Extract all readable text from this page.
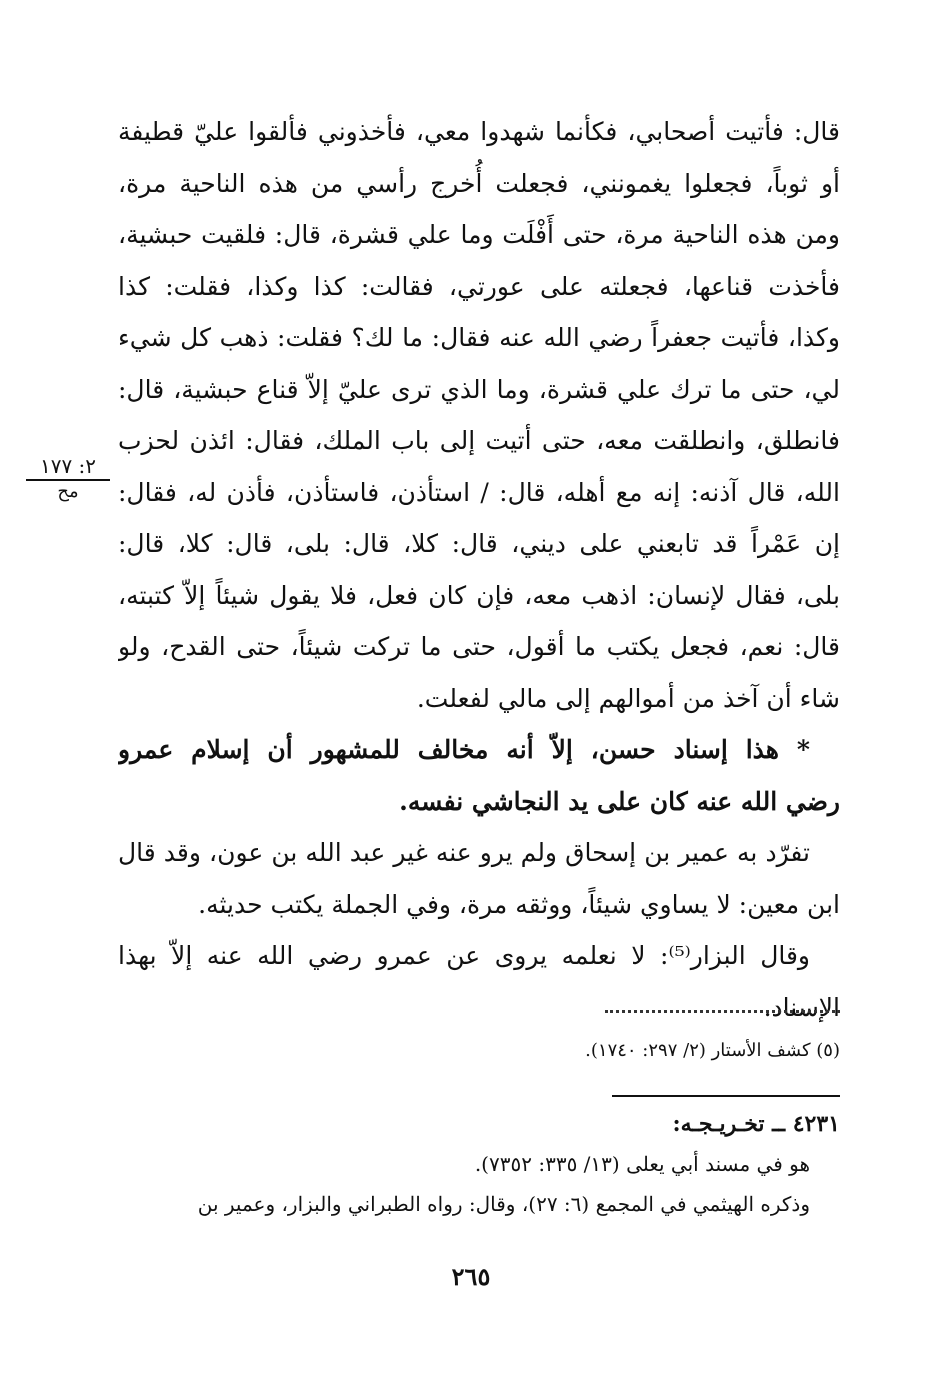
قال: فأتيت أصحابي، فكأنما شهدوا معي، فأخذوني فألقوا عليّ قطيفة
أو ثوباً، فجعلوا يغمونني، فجعلت أُخرج رأسي من هذه الناحية مرة،
ومن هذه الناحية مرة، حتى أَفْلَت وما علي قشرة، قال: فلقيت حبشية،
فأخذت قناعها، فجعلته على عورتي، فقالت: كذا وكذا، فقلت: كذا
وكذا، فأتيت جعفراً رضي الله عنه فقال: ما لك؟ فقلت: ذهب كل شيء
لي، حتى ما ترك علي قشرة، وما الذي ترى عليّ إلاّ قناع حبشية، قال:
فانطلق، وانطلقت معه، حتى أتيت إلى باب الملك، فقال: ائذن لحزب
الله، قال آذنه: إنه مع أهله، قال: / استأذن، فاستأذن، فأذن له، فقال:
إن عَمْراً قد تابعني على ديني، قال: كلا، قال: بلى، قال: كلا، قال:
بلى، فقال لإنسان: اذهب معه، فإن كان فعل، فلا يقول شيئاً إلاّ كتبته،
قال: نعم، فجعل يكتب ما أقول، حتى ما تركت شيئاً، حتى القدح، ولو
شاء أن آخذ من أموالهم إلى مالي لفعلت.
* هذا إسناد حسن، إلاّ أنه مخالف للمشهور أن إسلام عمرو
رضي الله عنه كان على يد النجاشي نفسه.
تفرّد به عمير بن إسحاق ولم يرو عنه غير عبد الله بن عون، وقد قال
ابن معين: لا يساوي شيئاً، ووثقه مرة، وفي الجملة يكتب حديثه.
وقال البزار⁽⁵⁾: لا نعلمه يروى عن عمرو رضي الله عنه إلاّ بهذا
الإسناد.
٢: ١٧٧
مح
(٥) كشف الأستار (٢/ ٢٩٧: ١٧٤٠).
٤٢٣١ ــ تخـريـجـه:
هو في مسند أبي يعلى (١٣/ ٣٣٥: ٧٣٥٢).
وذكره الهيثمي في المجمع (٦: ٢٧)، وقال: رواه الطبراني والبزار، وعمير بن
٢٦٥
